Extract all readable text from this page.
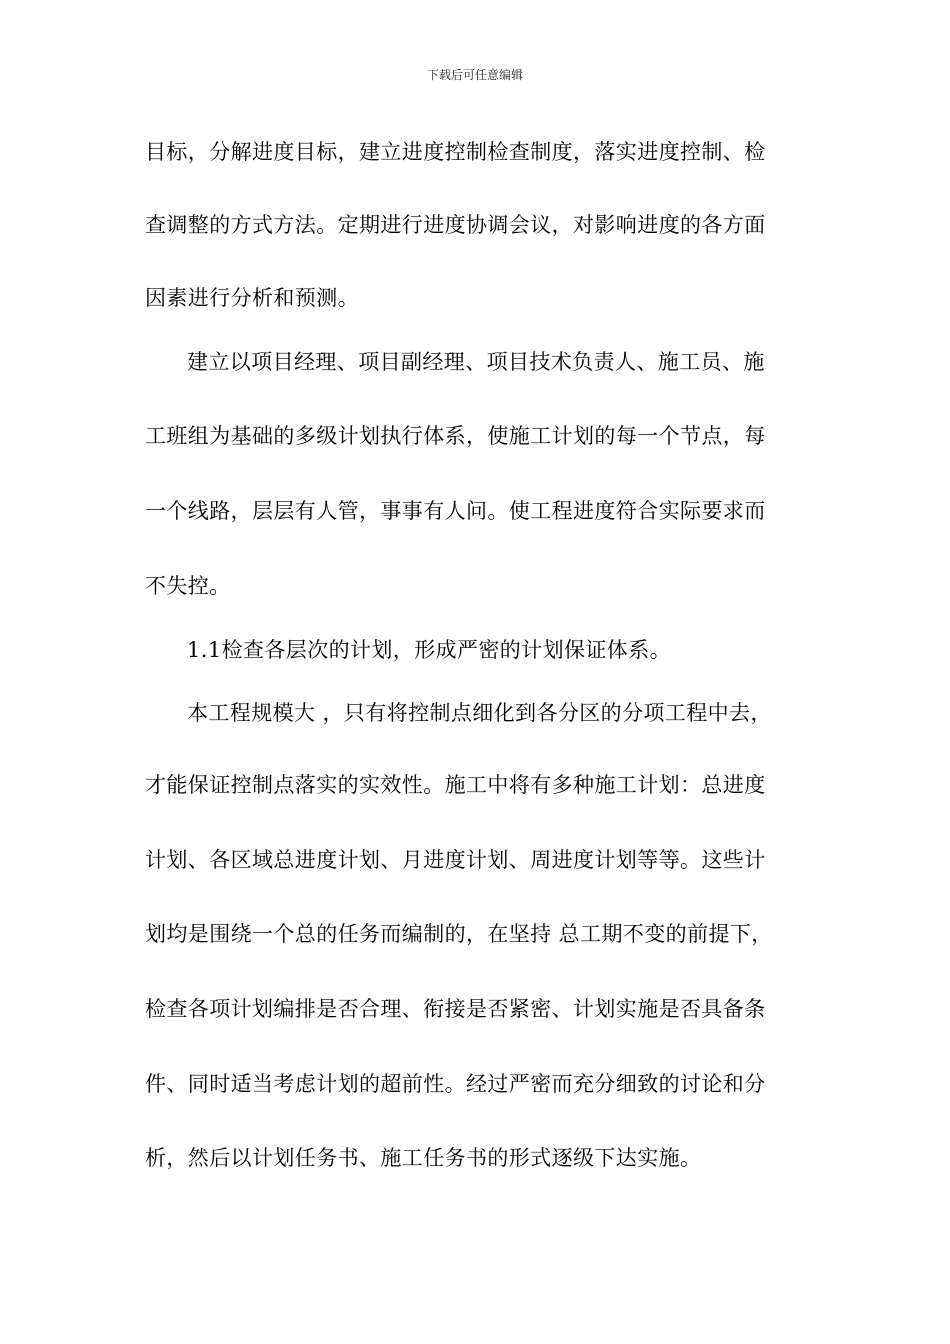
下载后可任意编辑
目标，分解进度目标，建立进度控制检查制度，落实进度控制、检
查调整的方式方法。定期进行进度协调会议，对影响进度的各方面
因素进行分析和预测。
建立以项目经理、项目副经理、项目技术负责人、施工员、施
工班组为基础的多级计划执行体系，使施工计划的每一个节点，每
一个线路，层层有人管，事事有人问。使工程进度符合实际要求而
不失控。
1.1检查各层次的计划，形成严密的计划保证体系。
本工程规模大 ，只有将控制点细化到各分区的分项工程中去，
才能保证控制点落实的实效性。施工中将有多种施工计划：总进度
计划、各区域总进度计划、月进度计划、周进度计划等等。这些计
划均是围绕一个总的任务而编制的，在坚持 总工期不变的前提下，
检查各项计划编排是否合理、衔接是否紧密、计划实施是否具备条
件、同时适当考虑计划的超前性。经过严密而充分细致的讨论和分
析，然后以计划任务书、施工任务书的形式逐级下达实施。
